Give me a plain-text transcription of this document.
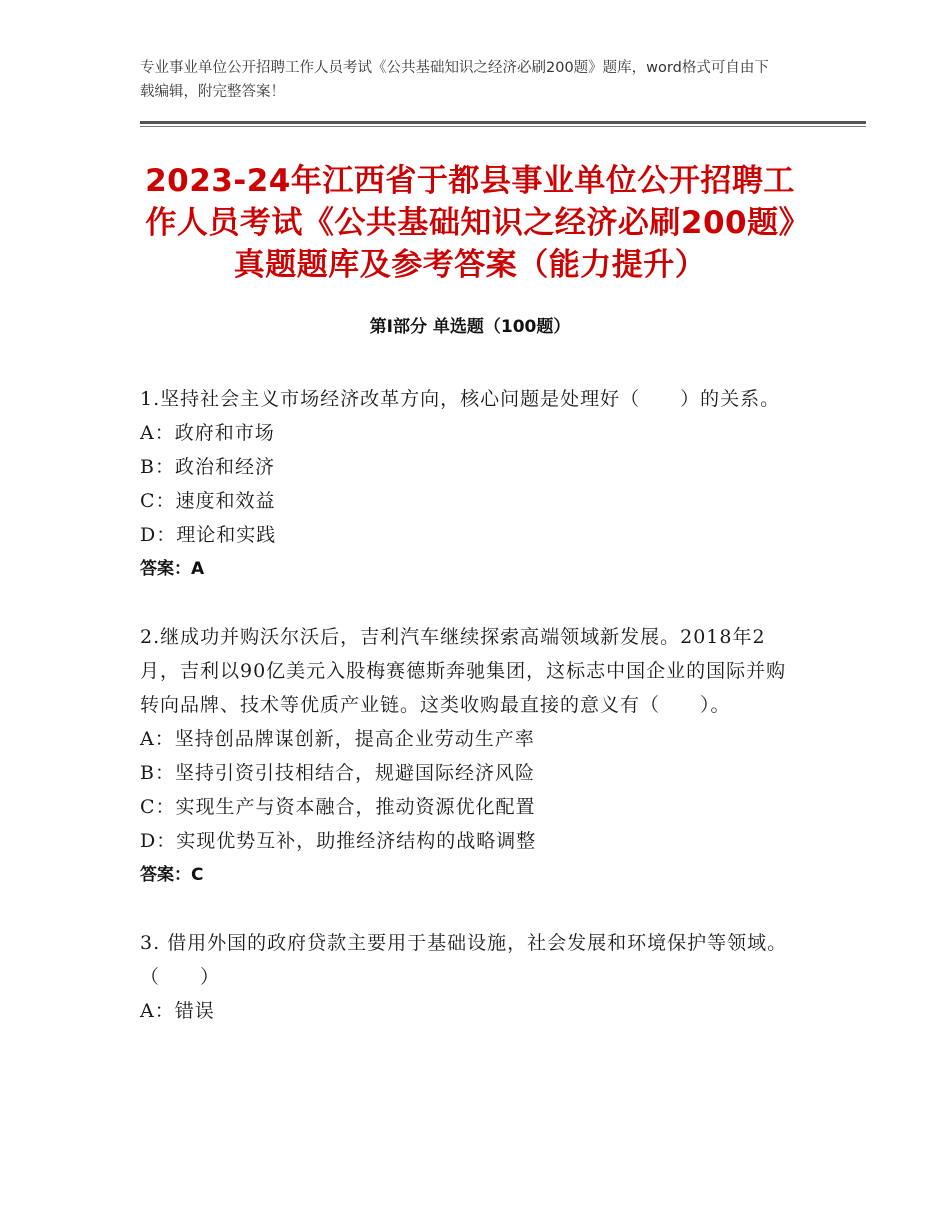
专业事业单位公开招聘工作人员考试《公共基础知识之经济必刷200题》题库，word格式可自由下载编辑，附完整答案！
2023-24年江西省于都县事业单位公开招聘工作人员考试《公共基础知识之经济必刷200题》真题题库及参考答案（能力提升）
第Ⅰ部分 单选题（100题）
1.坚持社会主义市场经济改革方向，核心问题是处理好（　　）的关系。
A：政府和市场
B：政治和经济
C：速度和效益
D：理论和实践
答案：A
2.继成功并购沃尔沃后，吉利汽车继续探索高端领域新发展。2018年2月，吉利以90亿美元入股梅赛德斯奔驰集团，这标志中国企业的国际并购转向品牌、技术等优质产业链。这类收购最直接的意义有（　　）。
A：坚持创品牌谋创新，提高企业劳动生产率
B：坚持引资引技相结合，规避国际经济风险
C：实现生产与资本融合，推动资源优化配置
D：实现优势互补，助推经济结构的战略调整
答案：C
3. 借用外国的政府贷款主要用于基础设施，社会发展和环境保护等领域。（　　）
A：错误
